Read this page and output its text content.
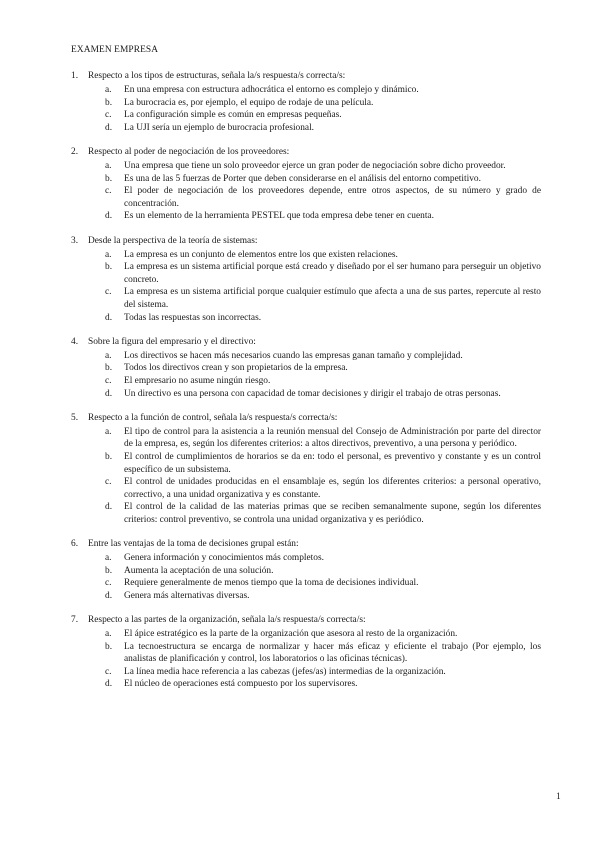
EXAMEN EMPRESA
1.	Respecto a los tipos de estructuras, señala la/s respuesta/s correcta/s:
a.	En una empresa con estructura adhocrática el entorno es complejo y dinámico.
b.	La burocracia es, por ejemplo, el equipo de rodaje de una película.
c.	La configuración simple es común en empresas pequeñas.
d.	La UJI sería un ejemplo de burocracia profesional.
2.	Respecto al poder de negociación de los proveedores:
a.	Una empresa que tiene un solo proveedor ejerce un gran poder de negociación sobre dicho proveedor.
b.	Es una de las 5 fuerzas de Porter que deben considerarse en el análisis del entorno competitivo.
c.	El poder de negociación de los proveedores depende, entre otros aspectos, de su número y grado de concentración.
d.	Es un elemento de la herramienta PESTEL que toda empresa debe tener en cuenta.
3.	Desde la perspectiva de la teoría de sistemas:
a.	La empresa es un conjunto de elementos entre los que existen relaciones.
b.	La empresa es un sistema artificial porque está creado y diseñado por el ser humano para perseguir un objetivo concreto.
c.	La empresa es un sistema artificial porque cualquier estímulo que afecta a una de sus partes, repercute al resto del sistema.
d.	Todas las respuestas son incorrectas.
4.	Sobre la figura del empresario y el directivo:
a.	Los directivos se hacen más necesarios cuando las empresas ganan tamaño y complejidad.
b.	Todos los directivos crean y son propietarios de la empresa.
c.	El empresario no asume ningún riesgo.
d.	Un directivo es una persona con capacidad de tomar decisiones y dirigir el trabajo de otras personas.
5.	Respecto a la función de control, señala la/s respuesta/s correcta/s:
a.	El tipo de control para la asistencia a la reunión mensual del Consejo de Administración por parte del director de la empresa, es, según los diferentes criterios: a altos directivos, preventivo, a una persona y periódico.
b.	El control de cumplimientos de horarios se da en: todo el personal, es preventivo y constante y es un control específico de un subsistema.
c.	El control de unidades producidas en el ensamblaje es, según los diferentes criterios: a personal operativo, correctivo, a una unidad organizativa y es constante.
d.	El control de la calidad de las materias primas que se reciben semanalmente supone, según los diferentes criterios: control preventivo, se controla una unidad organizativa y es periódico.
6.	Entre las ventajas de la toma de decisiones grupal están:
a.	Genera información y conocimientos más completos.
b.	Aumenta la aceptación de una solución.
c.	Requiere generalmente de menos tiempo que la toma de decisiones individual.
d.	Genera más alternativas diversas.
7.	Respecto a las partes de la organización, señala la/s respuesta/s correcta/s:
a.	El ápice estratégico es la parte de la organización que asesora al resto de la organización.
b.	La tecnoestructura se encarga de normalizar y hacer más eficaz y eficiente el trabajo (Por ejemplo, los analistas de planificación y control, los laboratorios o las oficinas técnicas).
c.	La línea media hace referencia a las cabezas (jefes/as) intermedias de la organización.
d.	El núcleo de operaciones está compuesto por los supervisores.
1
